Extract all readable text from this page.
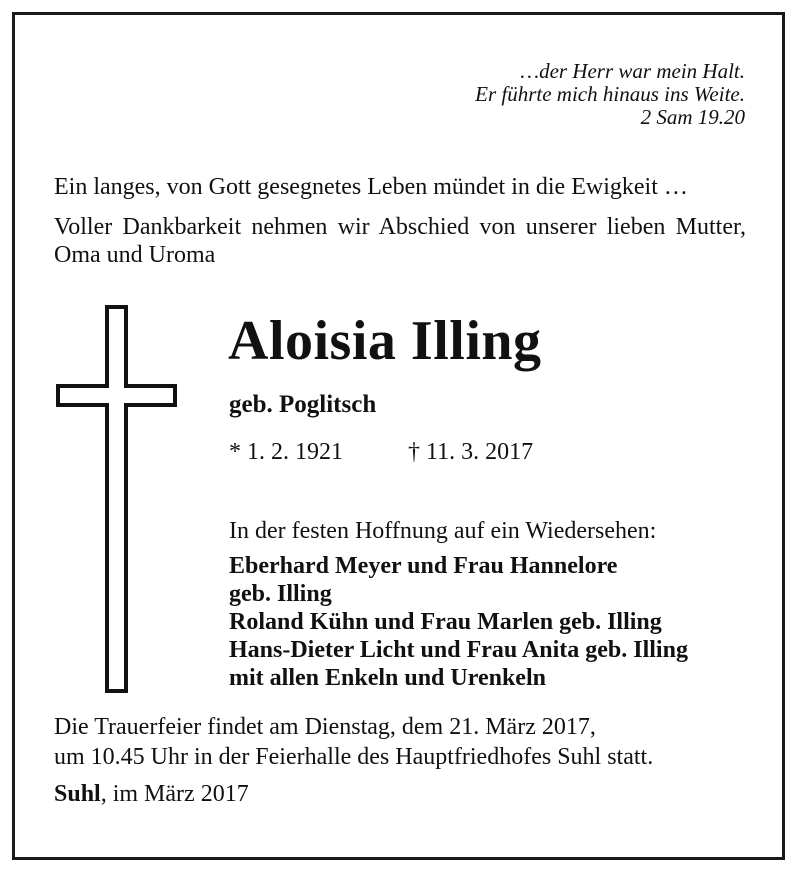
…der Herr war mein Halt.
Er führte mich hinaus ins Weite.
2 Sam 19.20
Ein langes, von Gott gesegnetes Leben mündet in die Ewigkeit …
Voller Dankbarkeit nehmen wir Abschied von unserer lieben Mutter, Oma und Uroma
Aloisia Illing
geb. Poglitsch
* 1. 2. 1921	† 11. 3. 2017
In der festen Hoffnung auf ein Wiedersehen:
Eberhard Meyer und Frau Hannelore
geb. Illing
Roland Kühn und Frau Marlen geb. Illing
Hans-Dieter Licht und Frau Anita geb. Illing
mit allen Enkeln und Urenkeln
Die Trauerfeier findet am Dienstag, dem 21. März 2017,
um 10.45 Uhr in der Feierhalle des Hauptfriedhofes Suhl statt.
Suhl, im März 2017
